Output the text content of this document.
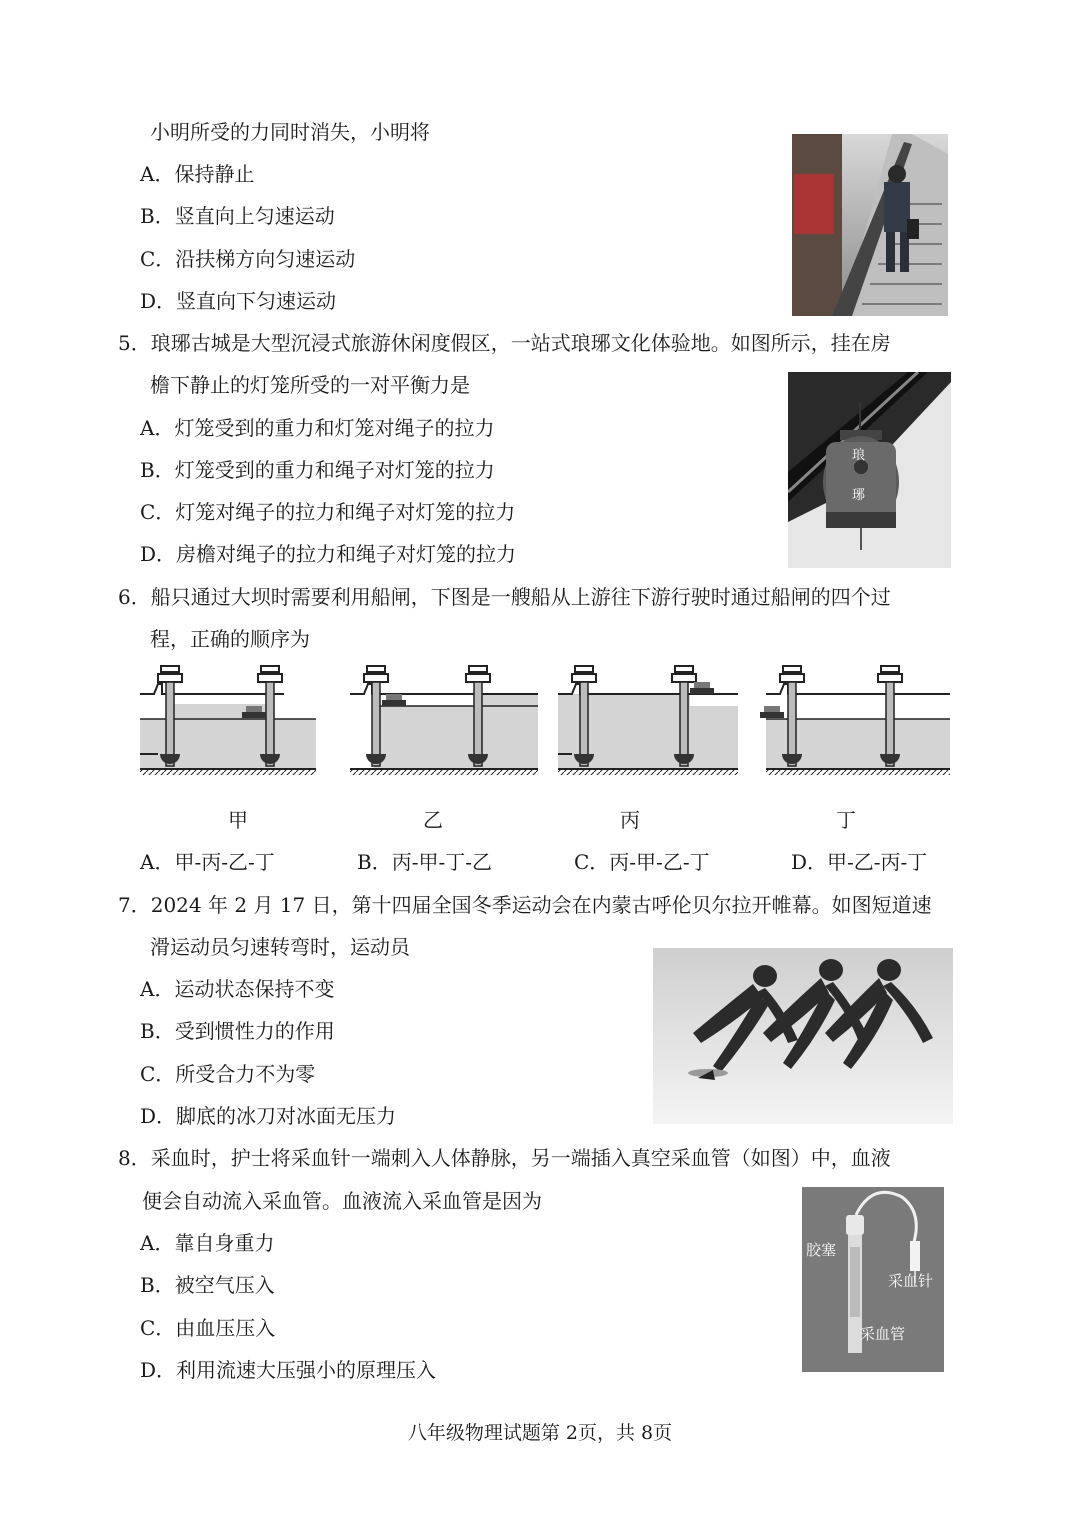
小明所受的力同时消失，小明将
A．保持静止
B．竖直向上匀速运动
C．沿扶梯方向匀速运动
D．竖直向下匀速运动
5．琅琊古城是大型沉浸式旅游休闲度假区，一站式琅琊文化体验地。如图所示，挂在房
檐下静止的灯笼所受的一对平衡力是
A．灯笼受到的重力和灯笼对绳子的拉力
B．灯笼受到的重力和绳子对灯笼的拉力
C．灯笼对绳子的拉力和绳子对灯笼的拉力
D．房檐对绳子的拉力和绳子对灯笼的拉力
琅
琊
6．船只通过大坝时需要利用船闸，下图是一艘船从上游往下游行驶时通过船闸的四个过
程，正确的顺序为
甲	乙	丙	丁
A．甲-丙-乙-丁	B．丙-甲-丁-乙	C．丙-甲-乙-丁	D．甲-乙-丙-丁
7．2024 年 2 月 17 日，第十四届全国冬季运动会在内蒙古呼伦贝尔拉开帷幕。如图短道速
滑运动员匀速转弯时，运动员
A．运动状态保持不变
B．受到惯性力的作用
C．所受合力不为零
D．脚底的冰刀对冰面无压力
8．采血时，护士将采血针一端刺入人体静脉，另一端插入真空采血管（如图）中，血液
便会自动流入采血管。血液流入采血管是因为
A．靠自身重力
B．被空气压入
C．由血压压入
D．利用流速大压强小的原理压入
胶塞
采血针
采血管
八年级物理试题第 2页，共 8页
